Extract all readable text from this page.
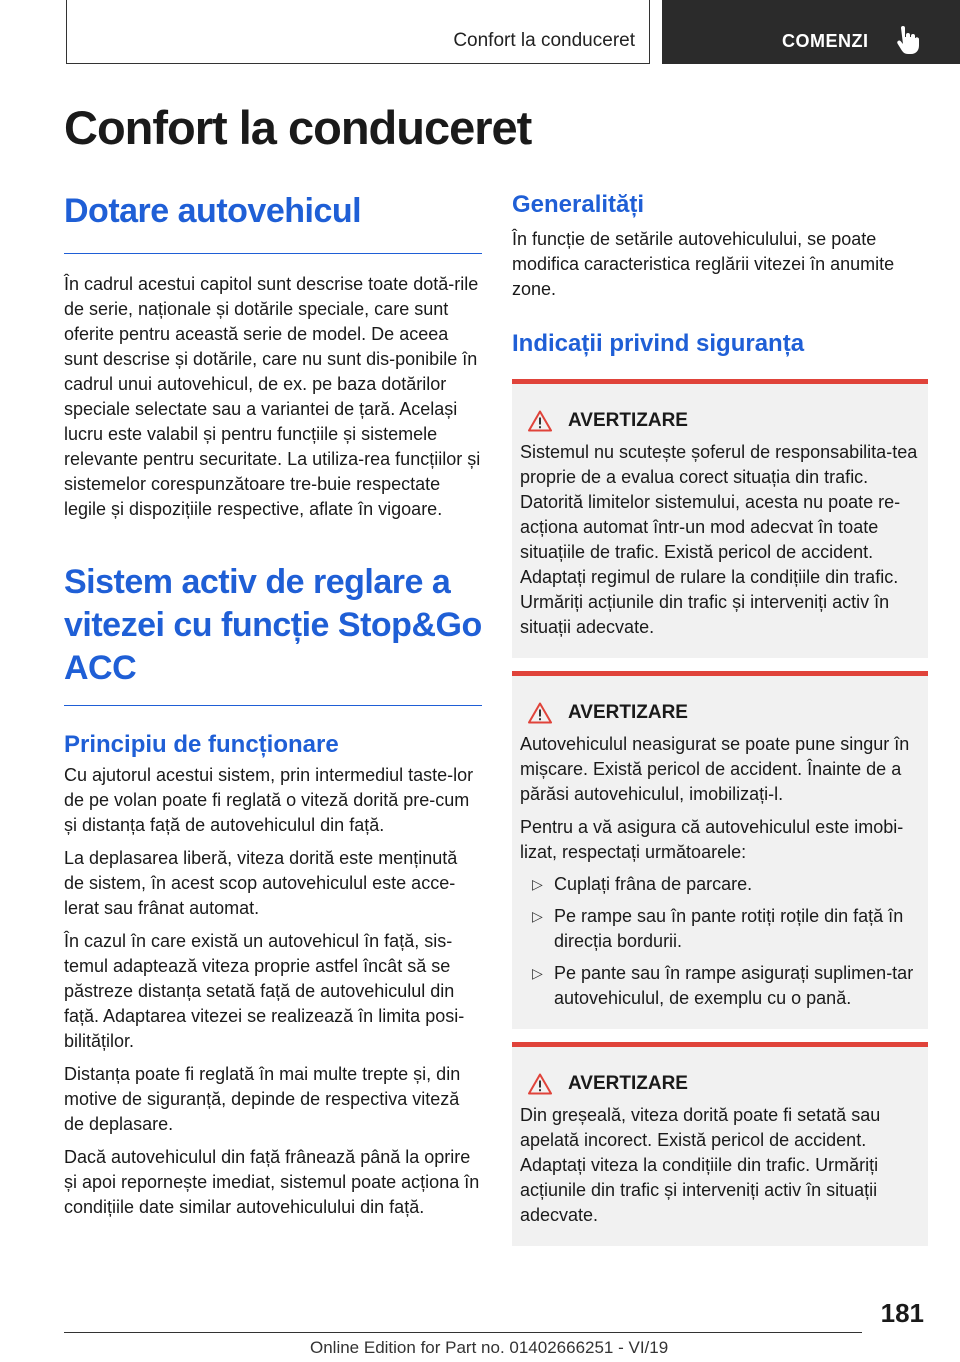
Confort la conduceret	COMENZI
Confort la conduceret
Dotare autovehicul

În cadrul acestui capitol sunt descrise toate dotă-rile de serie, naționale și dotările speciale, care sunt oferite pentru această serie de model. De aceea sunt descrise și dotările, care nu sunt dis-ponibile în cadrul unui autovehicul, de ex. pe baza dotărilor speciale selectate sau a variantei de țară. Același lucru este valabil și pentru funcțiile și sistemele relevante pentru securitate. La utiliza-rea funcțiilor și sistemelor corespunzătoare tre-buie respectate legile și dispozițiile respective, aflate în vigoare.

Sistem activ de reglare a vitezei cu funcție Stop&Go ACC
Principiu de funcționare

Cu ajutorul acestui sistem, prin intermediul taste-lor de pe volan poate fi reglată o viteză dorită pre-cum și distanța față de autovehiculul din față.

La deplasarea liberă, viteza dorită este menținută de sistem, în acest scop autovehiculul este acce-lerat sau frânat automat.

În cazul în care există un autovehicul în față, sis-temul adaptează viteza proprie astfel încât să se păstreze distanța setată față de autovehiculul din față. Adaptarea vitezei se realizează în limita posi-bilităților.

Distanța poate fi reglată în mai multe trepte și, din motive de siguranță, depinde de respectiva viteză de deplasare.

Dacă autovehiculul din față frânează până la oprire și apoi repornește imediat, sistemul poate acționa în condițiile date similar autovehiculului din față.

Generalități

În funcție de setările autovehiculului, se poate modifica caracteristica reglării vitezei în anumite zone.

Indicații privind siguranța
AVERTIZARE

Sistemul nu scutește șoferul de responsabilita-tea proprie de a evalua corect situația din trafic. Datorită limitelor sistemului, acesta nu poate re-acționa automat într-un mod adecvat în toate situațiile de trafic. Există pericol de accident. Adaptați regimul de rulare la condițiile din trafic. Urmăriți acțiunile din trafic și interveniți activ în situații adecvate.

AVERTIZARE

Autovehiculul neasigurat se poate pune singur în mișcare. Există pericol de accident. Înainte de a părăsi autovehiculul, imobilizați-l.

Pentru a vă asigura că autovehiculul este imobi-lizat, respectați următoarele:

▷ Cuplați frâna de parcare.
▷ Pe rampe sau în pante rotiți roțile din față în direcția bordurii.
▷ Pe pante sau în rampe asigurați suplimen-tar autovehiculul, de exemplu cu o pană.
AVERTIZARE

Din greșeală, viteza dorită poate fi setată sau apelată incorect. Există pericol de accident. Adaptați viteza la condițiile din trafic. Urmăriți acțiunile din trafic și interveniți activ în situații adecvate.

181
Online Edition for Part no. 01402666251 - VI/19
